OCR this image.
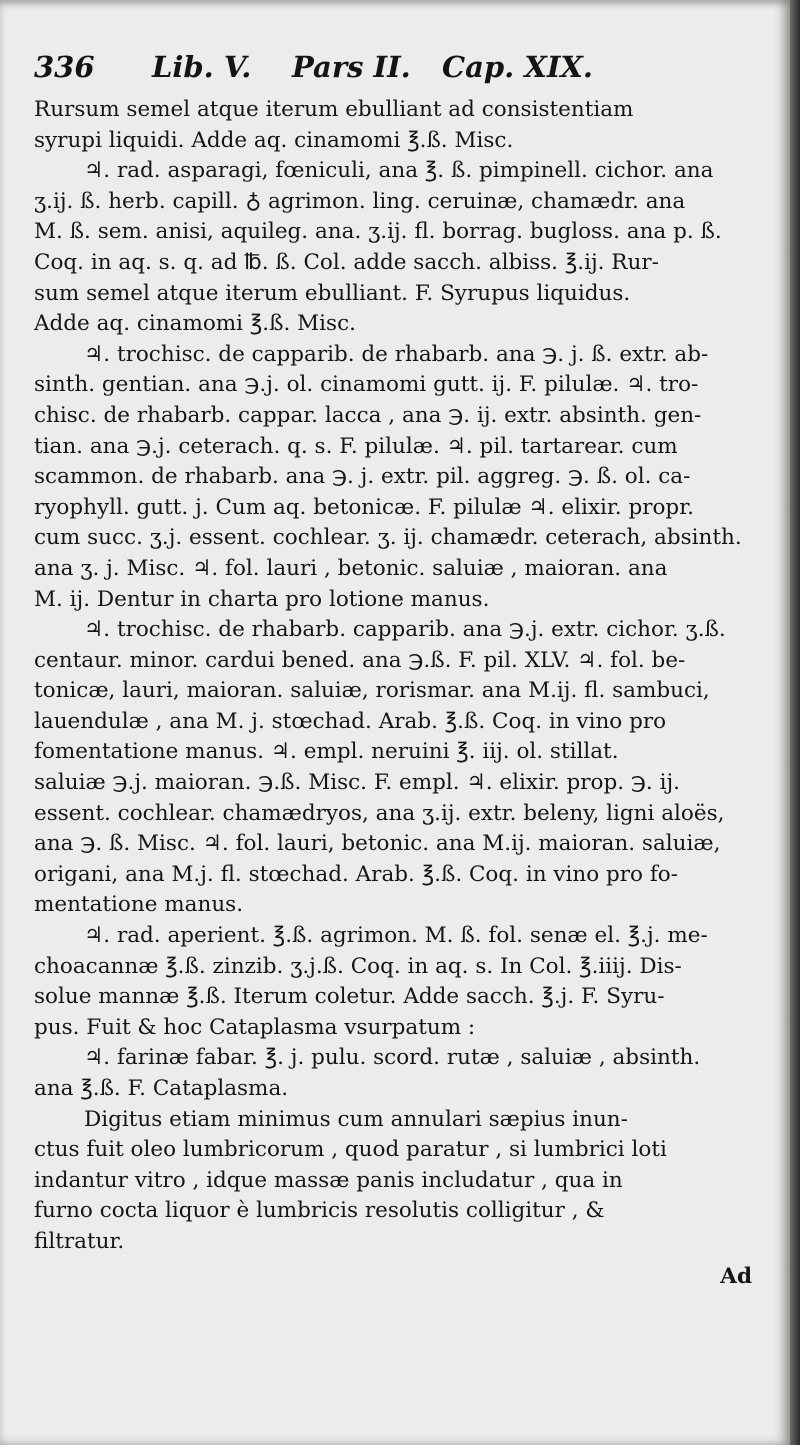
336 Lib. V. Pars II. Cap. XIX.
Rursum semel atque iterum ebulliant ad consistentiam
syrupi liquidi. Adde aq. cinamomi ℥.ß. Misc.
♃. rad. asparagi, fœniculi, ana ℥. ß. pimpinell. cichor. ana
ʒ.ij. ß. herb. capill. ♁ agrimon. ling. ceruinæ, chamædr. ana
M. ß. sem. anisi, aquileg. ana. ʒ.ij. fl. borrag. bugloss. ana p. ß.
Coq. in aq. s. q. ad ℔. ß. Col. adde sacch. albiss. ℥.ij. Rur-
sum semel atque iterum ebulliant. F. Syrupus liquidus.
Adde aq. cinamomi ℥.ß. Misc.
♃. trochisc. de capparib. de rhabarb. ana ℈. j. ß. extr. ab-
sinth. gentian. ana ℈.j. ol. cinamomi gutt. ij. F. pilulæ. ♃. tro-
chisc. de rhabarb. cappar. lacca , ana ℈. ij. extr. absinth. gen-
tian. ana ℈.j. ceterach. q. s. F. pilulæ. ♃. pil. tartarear. cum
scammon. de rhabarb. ana ℈. j. extr. pil. aggreg. ℈. ß. ol. ca-
ryophyll. gutt. j. Cum aq. betonicæ. F. pilulæ ♃. elixir. propr.
cum succ. ʒ.j. essent. cochlear. ʒ. ij. chamædr. ceterach, absinth.
ana ʒ. j. Misc. ♃. fol. lauri , betonic. saluiæ , maioran. ana
M. ij. Dentur in charta pro lotione manus.
♃. trochisc. de rhabarb. capparib. ana ℈.j. extr. cichor. ʒ.ß.
centaur. minor. cardui bened. ana ℈.ß. F. pil. XLV. ♃. fol. be-
tonicæ, lauri, maioran. saluiæ, rorismar. ana M.ij. fl. sambuci,
lauendulæ , ana M. j. stœchad. Arab. ℥.ß. Coq. in vino pro
fomentatione manus. ♃. empl. neruini ℥. iij. ol. stillat.
saluiæ ℈.j. maioran. ℈.ß. Misc. F. empl. ♃. elixir. prop. ℈. ij.
essent. cochlear. chamædryos, ana ʒ.ij. extr. beleny, ligni aloës,
ana ℈. ß. Misc. ♃. fol. lauri, betonic. ana M.ij. maioran. saluiæ,
origani, ana M.j. fl. stœchad. Arab. ℥.ß. Coq. in vino pro fo-
mentatione manus.
♃. rad. aperient. ℥.ß. agrimon. M. ß. fol. senæ el. ℥.j. me-
choacannæ ℥.ß. zinzib. ʒ.j.ß. Coq. in aq. s. In Col. ℥.iiij. Dis-
solue mannæ ℥.ß. Iterum coletur. Adde sacch. ℥.j. F. Syru-
pus. Fuit & hoc Cataplasma vsurpatum :
♃. farinæ fabar. ℥. j. pulu. scord. rutæ , saluiæ , absinth.
ana ℥.ß. F. Cataplasma.
Digitus etiam minimus cum annulari sæpius inun-
ctus fuit oleo lumbricorum , quod paratur , si lumbrici loti
indantur vitro , idque massæ panis includatur , qua in
furno cocta liquor è lumbricis resolutis colligitur , &
filtratur.
Ad
